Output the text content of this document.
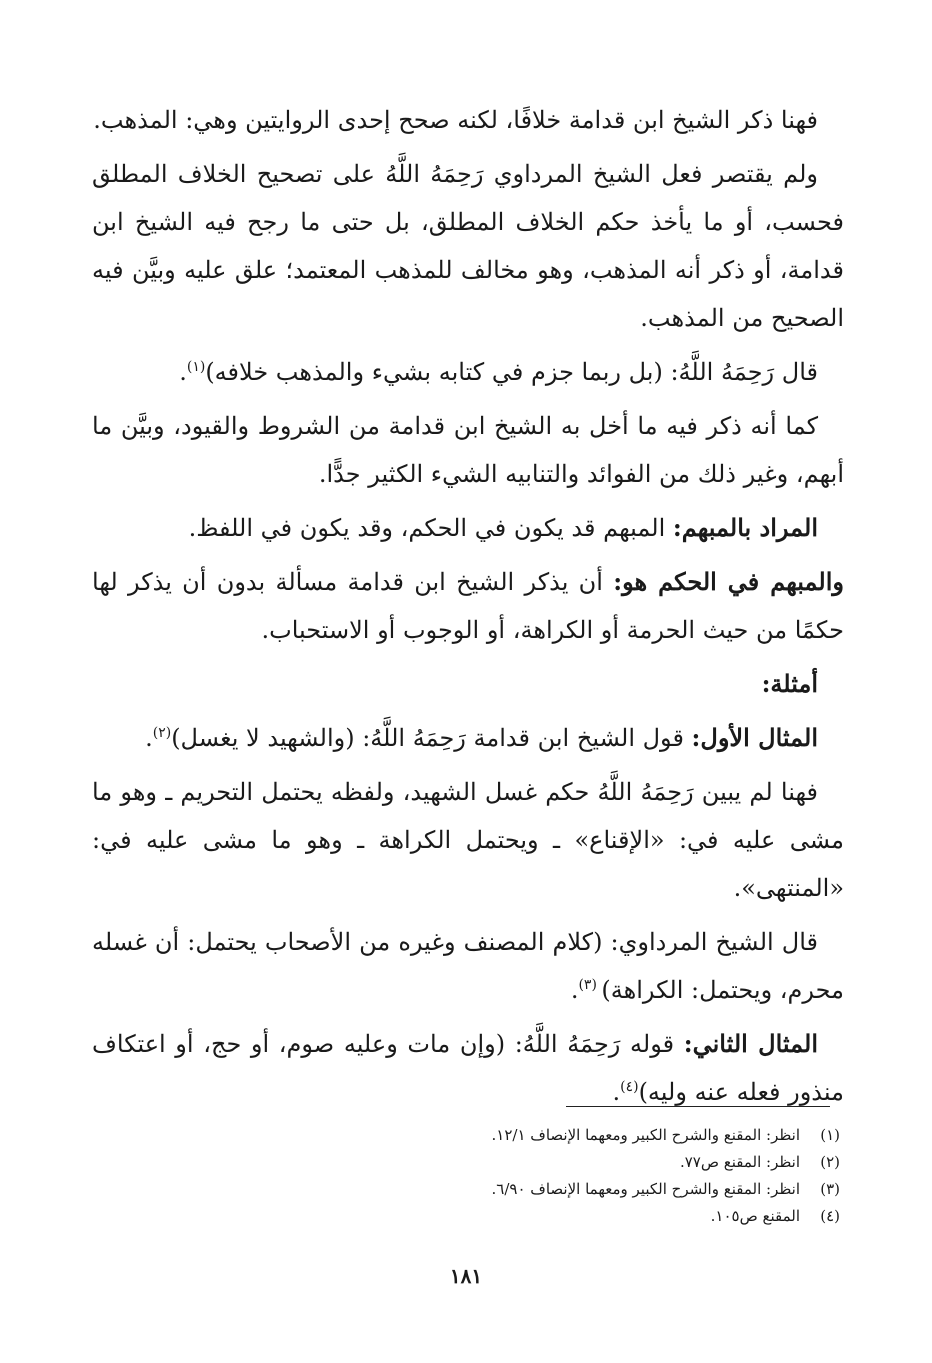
فهنا ذكر الشيخ ابن قدامة خلافًا، لكنه صحح إحدى الروايتين وهي: المذهب.

ولم يقتصر فعل الشيخ المرداوي رَحِمَهُ اللَّهُ على تصحيح الخلاف المطلق فحسب، أو ما يأخذ حكم الخلاف المطلق، بل حتى ما رجح فيه الشيخ ابن قدامة، أو ذكر أنه المذهب، وهو مخالف للمذهب المعتمد؛ علق عليه وبيَّن فيه الصحيح من المذهب.

قال رَحِمَهُ اللَّهُ: (بل ربما جزم في كتابه بشيء والمذهب خلافه)$^{(١)}$.

كما أنه ذكر فيه ما أخل به الشيخ ابن قدامة من الشروط والقيود، وبيَّن ما أبهم، وغير ذلك من الفوائد والتنابيه الشيء الكثير جدًّا.

المراد بالمبهم: المبهم قد يكون في الحكم، وقد يكون في اللفظ.

والمبهم في الحكم هو: أن يذكر الشيخ ابن قدامة مسألة بدون أن يذكر لها حكمًا من حيث الحرمة أو الكراهة، أو الوجوب أو الاستحباب.

أمثلة:

المثال الأول: قول الشيخ ابن قدامة رَحِمَهُ اللَّهُ: (والشهيد لا يغسل)$^{(٢)}$.

فهنا لم يبين رَحِمَهُ اللَّهُ حكم غسل الشهيد، ولفظه يحتمل التحريم ـ وهو ما مشى عليه في: «الإقناع» ـ ويحتمل الكراهة ـ وهو ما مشى عليه في: «المنتهى».

قال الشيخ المرداوي: (كلام المصنف وغيره من الأصحاب يحتمل: أن غسله محرم، ويحتمل: الكراهة) $^{(٣)}$.

المثال الثاني: قوله رَحِمَهُ اللَّهُ: (وإن مات وعليه صوم، أو حج، أو اعتكاف منذور فعله عنه وليه)$^{(٤)}$.

(١)
انظر: المقنع والشرح الكبير ومعهما الإنصاف ١٢/١.
(٢)
انظر: المقنع ص٧٧.
(٣)
انظر: المقنع والشرح الكبير ومعهما الإنصاف ٦/٩٠.
(٤)
المقنع ص١٠٥.
١٨١
